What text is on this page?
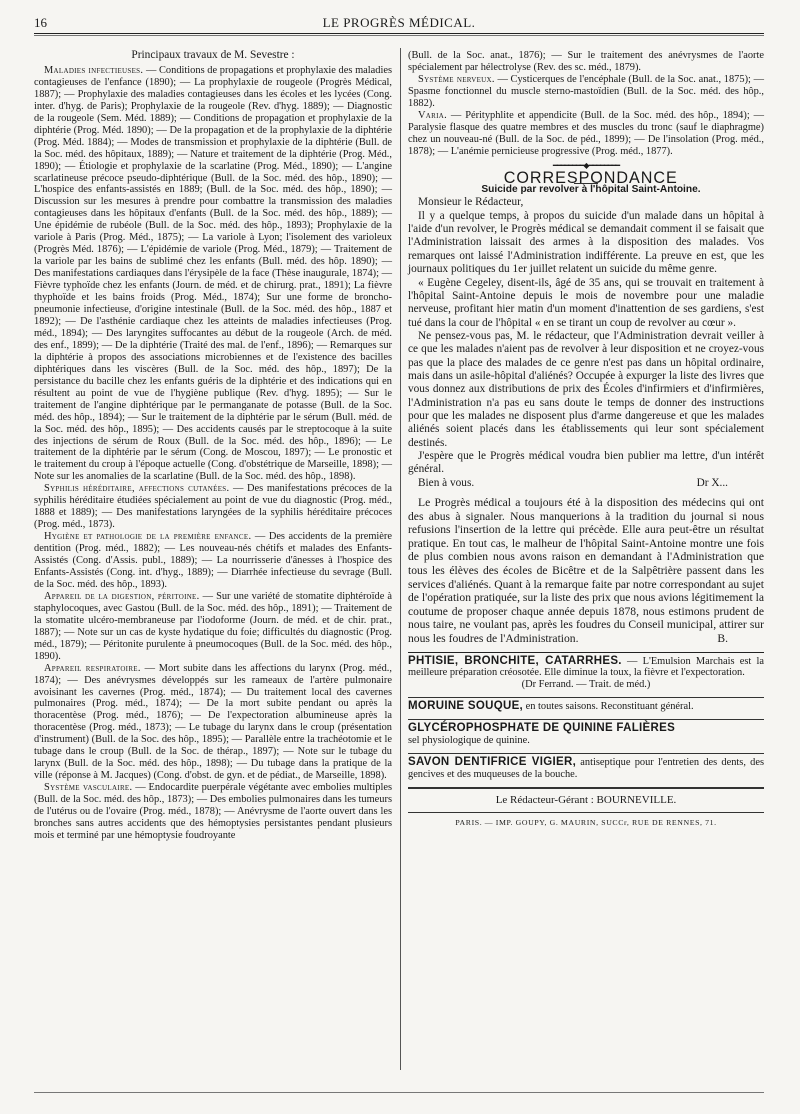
16	LE PROGRÈS MÉDICAL.

Principaux travaux de M. Sevestre :

Maladies infectieuses. — Conditions de propagations et prophylaxie des maladies contagieuses de l'enfance (1890); — La prophylaxie de rougeole (Progrès Médical, 1887); — Prophylaxie des maladies contagieuses dans les écoles et les lycées (Cong. inter. d'hyg. de Paris); Prophylaxie de la rougeole (Rev. d'hyg. 1889); — Diagnostic de la rougeole (Sem. Méd. 1889); — Conditions de propagation et prophylaxie de la diphtérie (Prog. Méd. 1890); — De la propagation et de la prophylaxie de la diphtérie (Prog. Méd. 1884); — Modes de transmission et prophylaxie de la diphtérie (Bull. de la Soc. méd. des hôpitaux, 1889); — Nature et traitement de la diphtérie (Prog. Méd., 1890); — Étiologie et prophylaxie de la scarlatine (Prog. Méd., 1890); — L'angine scarlatineuse précoce pseudo-diphtérique (Bull. de la Soc. méd. des hôp., 1890); — L'hospice des enfants-assistés en 1889; (Bull. de la Soc. méd. des hôp., 1890); — Discussion sur les mesures à prendre pour combattre la transmission des maladies contagieuses dans les hôpitaux d'enfants (Bull. de la Soc. méd. des hôp., 1889); — Une épidémie de rubéole (Bull. de la Soc. méd. des hôp., 1893); Prophylaxie de la variole à Paris (Prog. Méd., 1875); — La variole à Lyon; l'isolement des varioleux (Progrès Méd. 1876); — L'épidémie de variole (Prog. Méd., 1879); — Traitement de la variole par les bains de sublimé chez les enfants (Bull. méd. des hôp. 1890); — Des manifestations cardiaques dans l'érysipèle de la face (Thèse inaugurale, 1874); — Fièvre typhoïde chez les enfants (Journ. de méd. et de chirurg. prat., 1891); La fièvre thyphoïde et les bains froids (Prog. Méd., 1874); Sur une forme de broncho-pneumonie infectieuse, d'origine intestinale (Bull. de la Soc. méd. des hôp., 1887 et 1892); — De l'asthénie cardiaque chez les atteints de maladies infectieuses (Prog. méd., 1894); — Des laryngites suffocantes au début de la rougeole (Arch. de méd. des enf., 1899); — De la diphtérie (Traité des mal. de l'enf., 1896); — Remarques sur la diphtérie à propos des associations microbiennes et de l'existence des bacilles diphtériques dans les viscères (Bull. de la Soc. méd. des hôp., 1897); De la persistance du bacille chez les enfants guéris de la diphtérie et des indications qui en résultent au point de vue de l'hygiène publique (Rev. d'hyg. 1895); — Sur le traitement de l'angine diphtérique par le permanganate de potasse (Bull. de la Soc. méd. des hôp., 1894); — Sur le traitement de la diphtérie par le sérum (Bull. méd. de la Soc. méd. des hôp., 1895); — Des accidents causés par le streptocoque à la suite des injections de sérum de Roux (Bull. de la Soc. méd. des hôp., 1896); — Le traitement de la diphtérie par le sérum (Cong. de Moscou, 1897); — Le pronostic et le traitement du croup à l'époque actuelle (Cong. d'obstétrique de Marseille, 1898); — Note sur les anomalies de la scarlatine (Bull. de la Soc. méd. des hôp., 1898).

Syphilis héréditaire, affections cutanées. — Des manifestations précoces de la syphilis héréditaire étudiées spécialement au point de vue du diagnostic (Prog. méd., 1888 et 1889); — Des manifestations laryngées de la syphilis héréditaire précoces (Prog. méd., 1873).

Hygiène et pathologie de la première enfance. — Des accidents de la première dentition (Prog. méd., 1882); — Les nouveau-nés chétifs et malades des Enfants-Assistés (Cong. d'Assis. publ., 1889); — La nourrisserie d'ânesses à l'hospice des Enfants-Assistés (Cong. int. d'hyg., 1889); — Diarrhée infectieuse du sevrage (Bull. de la Soc. méd. des hôp., 1893).

Appareil de la digestion, péritoine. — Sur une variété de stomatite diphtéroïde à staphylocoques, avec Gastou (Bull. de la Soc. méd. des hôp., 1891); — Traitement de la stomatite ulcéro-membraneuse par l'iodoforme (Journ. de méd. et de chir. prat., 1887); — Note sur un cas de kyste hydatique du foie; difficultés du diagnostic (Prog. méd., 1879); — Péritonite purulente à pneumocoques (Bull. de la Soc. méd. des hôp., 1890).

Appareil respiratoire. — Mort subite dans les affections du larynx (Prog. méd., 1874); — Des anévrysmes développés sur les rameaux de l'artère pulmonaire avoisinant les cavernes (Prog. méd., 1874); — Du traitement local des cavernes pulmonaires (Prog. méd., 1874); — De la mort subite pendant ou après la thoracentèse (Prog. méd., 1876); — De l'expectoration albumineuse après la thoracentèse (Prog. méd., 1873); — Le tubage du larynx dans le croup (présentation d'instrument) (Bull. de la Soc. des hôp., 1895); — Parallèle entre la trachéotomie et le tubage dans le croup (Bull. de la Soc. de thérap., 1897); — Note sur le tubage du larynx (Bull. de la Soc. méd. des hôp., 1898); — Du tubage dans la pratique de la ville (réponse à M. Jacques) (Cong. d'obst. de gyn. et de pédiat., de Marseille, 1898).

Système vasculaire. — Endocardite puerpérale végétante avec embolies multiples (Bull. de la Soc. méd. des hôp., 1873); — Des embolies pulmonaires dans les tumeurs de l'utérus ou de l'ovaire (Prog. méd., 1878); — Anévrysme de l'aorte ouvert dans les bronches sans autres accidents que des hémoptysies persistantes pendant plusieurs mois et terminé par une hémoptysie foudroyante

(Bull. de la Soc. anat., 1876); — Sur le traitement des anévrysmes de l'aorte spécialement par hélectrolyse (Rev. des sc. méd., 1879).

Système nerveux. — Cysticerques de l'encéphale (Bull. de la Soc. anat., 1875); — Spasme fonctionnel du muscle sterno-mastoïdien (Bull. de la Soc. méd. des hôp., 1882).

Varia. — Pérityphlite et appendicite (Bull. de la Soc. méd. des hôp., 1894); — Paralysie flasque des quatre membres et des muscles du tronc (sauf le diaphragme) chez un nouveau-né (Bull. de la Soc. de péd., 1899); — De l'insolation (Prog. méd., 1878); — L'anémie pernicieuse progressive (Prog. méd., 1877).

━━━━━━━━◆━━━━━━━━

CORRESPONDANCE

Suicide par revolver à l'hôpital Saint-Antoine.

Monsieur le Rédacteur,

Il y a quelque temps, à propos du suicide d'un malade dans un hôpital à l'aide d'un revolver, le Progrès médical se demandait comment il se faisait que l'Administration laissait des armes à la disposition des malades. Vos remarques ont laissé l'Administration indifférente. La preuve en est, que les journaux politiques du 1er juillet relatent un suicide du même genre.

« Eugène Cegeley, disent-ils, âgé de 35 ans, qui se trouvait en traitement à l'hôpital Saint-Antoine depuis le mois de novembre pour une maladie nerveuse, profitant hier matin d'un moment d'inattention de ses gardiens, s'est tué dans la cour de l'hôpital « en se tirant un coup de revolver au cœur ».

Ne pensez-vous pas, M. le rédacteur, que l'Administration devrait veiller à ce que les malades n'aient pas de revolver à leur disposition et ne croyez-vous pas que la place des malades de ce genre n'est pas dans un hôpital ordinaire, mais dans un asile-hôpital d'aliénés? Occupée à expurger la liste des livres que vous donnez aux distributions de prix des Écoles d'infirmiers et d'infirmières, l'Administration n'a pas eu sans doute le temps de donner des instructions pour que les malades ne disposent plus d'arme dangereuse et que les malades aliénés soient placés dans les établissements qui leur sont spécialement destinés.

J'espère que le Progrès médical voudra bien publier ma lettre, d'un intérêt général.

Bien à vous.	Dr X...

Le Progrès médical a toujours été à la disposition des médecins qui ont des abus à signaler. Nous manquerions à la tradition du journal si nous refusions l'insertion de la lettre qui précède. Elle aura peut-être un résultat pratique. En tout cas, le malheur de l'hôpital Saint-Antoine montre une fois de plus combien nous avons raison en demandant à l'Administration que tous les élèves des écoles de Bicêtre et de la Salpêtrière passent dans les services d'aliénés. Quant à la remarque faite par notre correspondant au sujet de l'opération pratiquée, sur la liste des prix que nous avions légitimement la coutume de proposer chaque année depuis 1878, nous estimons prudent de nous taire, ne voulant pas, après les foudres du Conseil municipal, attirer sur nous les foudres de l'Administration.	B.

PHTISIE, BRONCHITE, CATARRHES. — L'Emulsion Marchais est la meilleure préparation créosotée. Elle diminue la toux, la fièvre et l'expectoration.

(Dr Ferrand. — Trait. de méd.)

MORUINE SOUQUE, en toutes saisons. Reconstituant général.

GLYCÉROPHOSPHATE DE QUININE FALIÈRES
sel physiologique de quinine.

SAVON DENTIFRICE VIGIER, antiseptique pour l'entretien des dents, des gencives et des muqueuses de la bouche.

Le Rédacteur-Gérant : BOURNEVILLE.

PARIS. — IMP. GOUPY, G. MAURIN, SUCCr, RUE DE RENNES, 71.
